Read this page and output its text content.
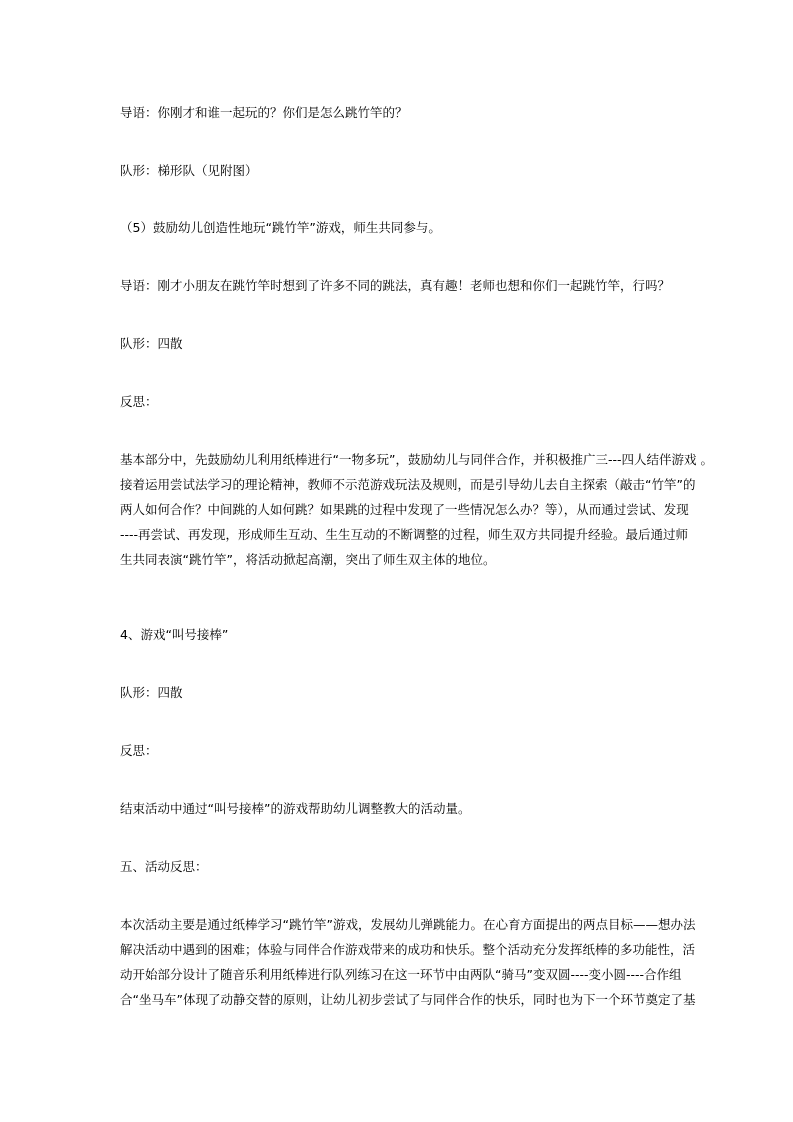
导语：你刚才和谁一起玩的？你们是怎么跳竹竿的？

队形：梯形队（见附图）

（5）鼓励幼儿创造性地玩“跳竹竿”游戏，师生共同参与。

导语：刚才小朋友在跳竹竿时想到了许多不同的跳法，真有趣！老师也想和你们一起跳竹竿，行吗？

队形：四散

反思：

基本部分中，先鼓励幼儿利用纸棒进行“一物多玩”，鼓励幼儿与同伴合作，并积极推广三---四人结伴游戏 。
接着运用尝试法学习的理论精神，教师不示范游戏玩法及规则，而是引导幼儿去自主探索（敲击“竹竿”的
两人如何合作？中间跳的人如何跳？如果跳的过程中发现了一些情况怎么办？等），从而通过尝试、发现
----再尝试、再发现，形成师生互动、生生互动的不断调整的过程，师生双方共同提升经验。最后通过师
生共同表演“跳竹竿”，将活动掀起高潮，突出了师生双主体的地位。

4、游戏“叫号接棒”

队形：四散

反思：

结束活动中通过“叫号接棒”的游戏帮助幼儿调整教大的活动量。

五、活动反思：

本次活动主要是通过纸棒学习“跳竹竿”游戏，发展幼儿弹跳能力。在心育方面提出的两点目标——想办法
解决活动中遇到的困难；体验与同伴合作游戏带来的成功和快乐。整个活动充分发挥纸棒的多功能性，活
动开始部分设计了随音乐利用纸棒进行队列练习在这一环节中由两队“骑马”变双圆----变小圆----合作组
合“坐马车”体现了动静交替的原则，让幼儿初步尝试了与同伴合作的快乐，同时也为下一个环节奠定了基
